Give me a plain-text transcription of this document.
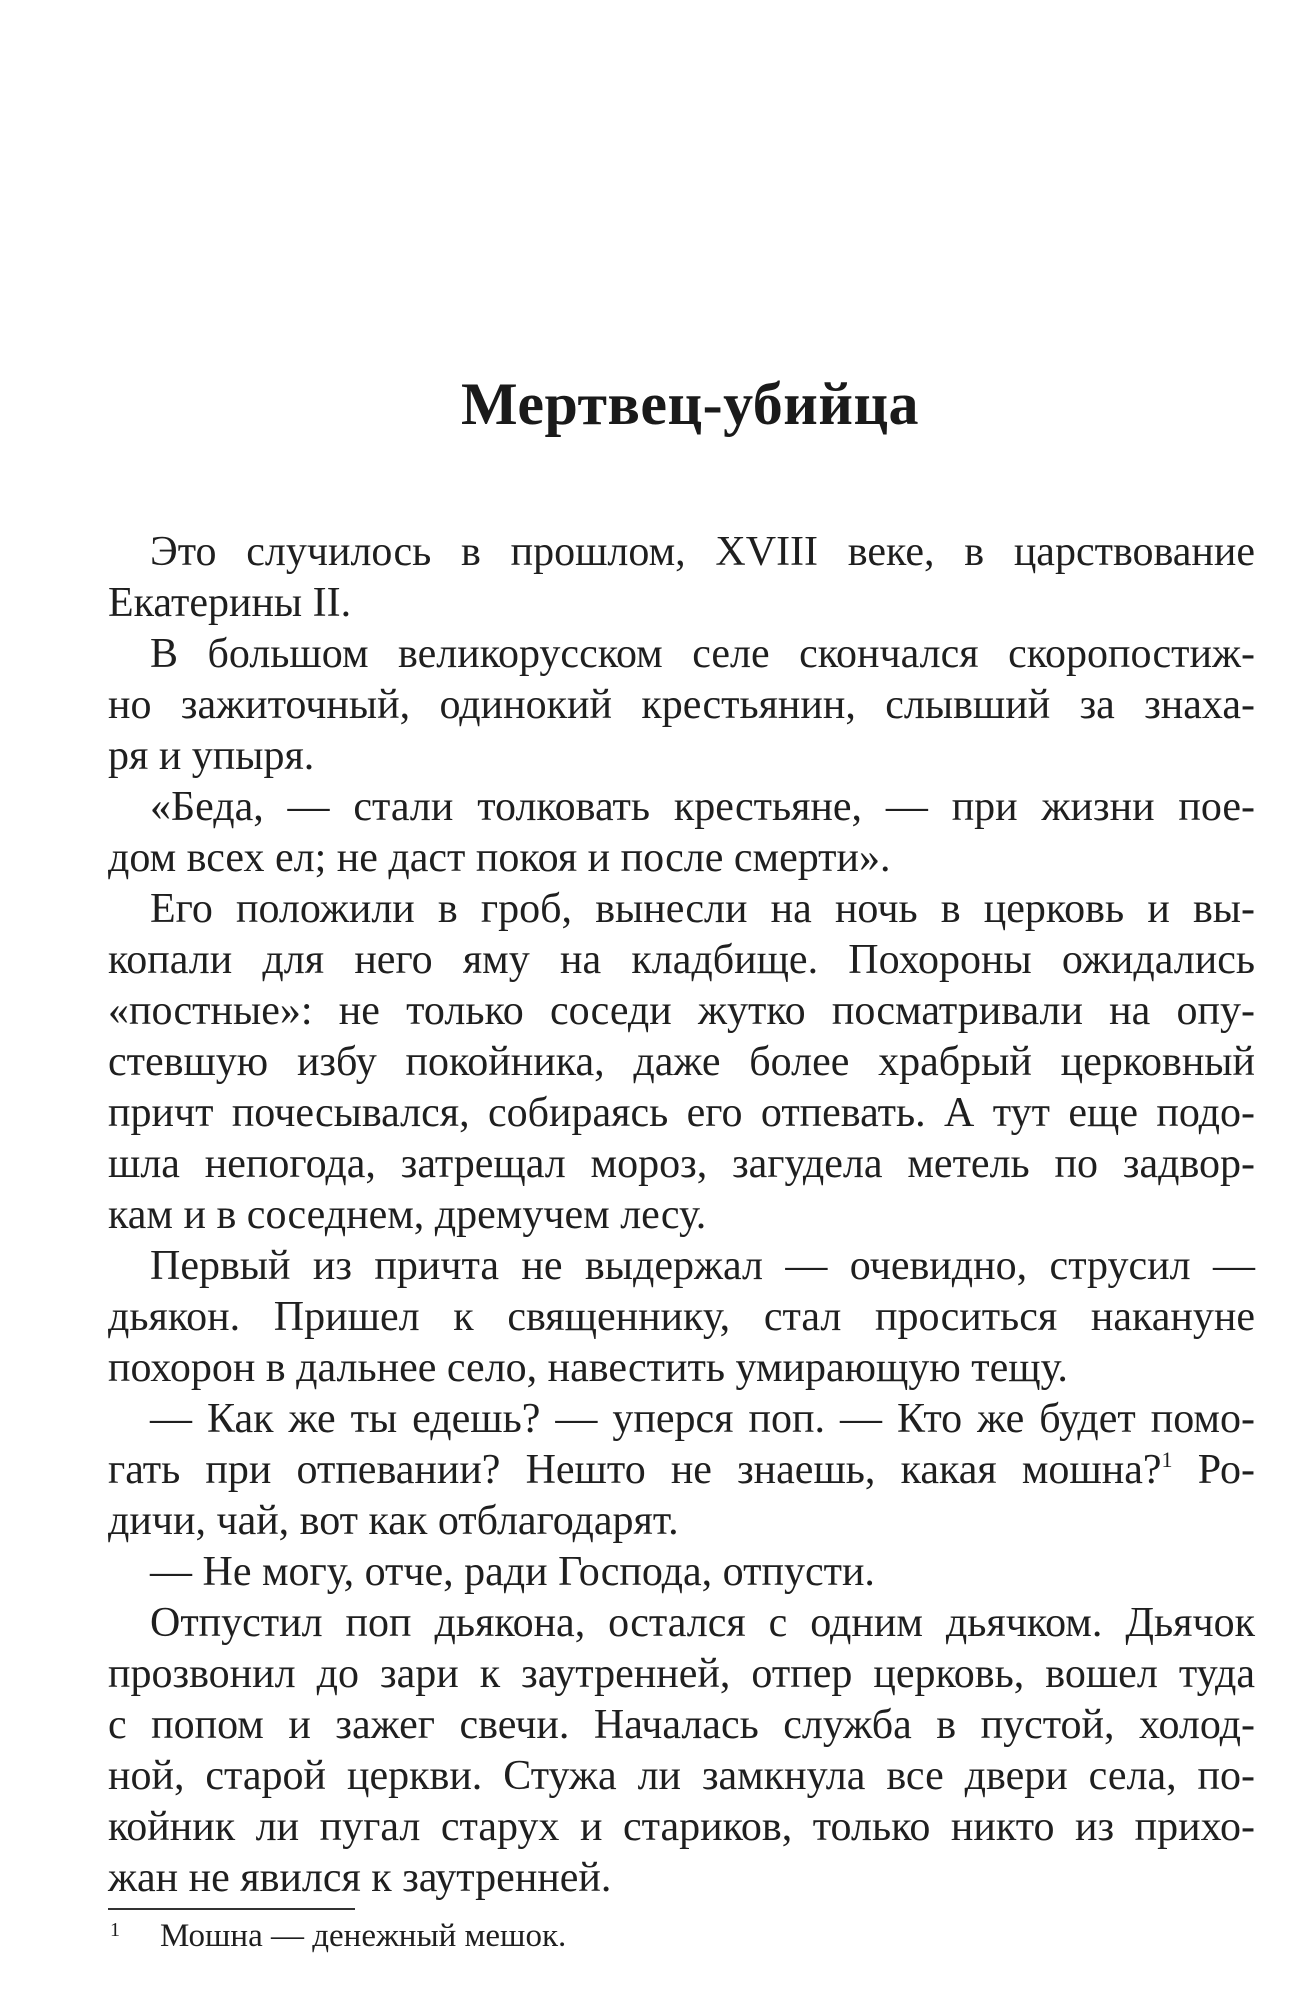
Мертвец-убийца
Это случилось в прошлом, XVIII веке, в царствование
Екатерины II.
В большом великорусском селе скончался скоропостиж-
но зажиточный, одинокий крестьянин, слывший за знаха-
ря и упыря.
«Беда, — стали толковать крестьяне, — при жизни пое-
дом всех ел; не даст покоя и после смерти».
Его положили в гроб, вынесли на ночь в церковь и вы-
копали для него яму на кладбище. Похороны ожидались
«постные»: не только соседи жутко посматривали на опу-
стевшую избу покойника, даже более храбрый церковный
причт почесывался, собираясь его отпевать. А тут еще подо-
шла непогода, затрещал мороз, загудела метель по задвор-
кам и в соседнем, дремучем лесу.
Первый из причта не выдержал — очевидно, струсил —
дьякон. Пришел к священнику, стал проситься накануне
похорон в дальнее село, навестить умирающую тещу.
— Как же ты едешь? — уперся поп. — Кто же будет помо-
гать при отпевании? Нешто не знаешь, какая мошна?$^1$ Ро-
дичи, чай, вот как отблагодарят.
— Не могу, отче, ради Господа, отпусти.
Отпустил поп дьякона, остался с одним дьячком. Дьячок
прозвонил до зари к заутренней, отпер церковь, вошел туда
с попом и зажег свечи. Началась служба в пустой, холод-
ной, старой церкви. Стужа ли замкнула все двери села, по-
койник ли пугал старух и стариков, только никто из прихо-
жан не явился к заутренней.
1 Мошна — денежный мешок.
